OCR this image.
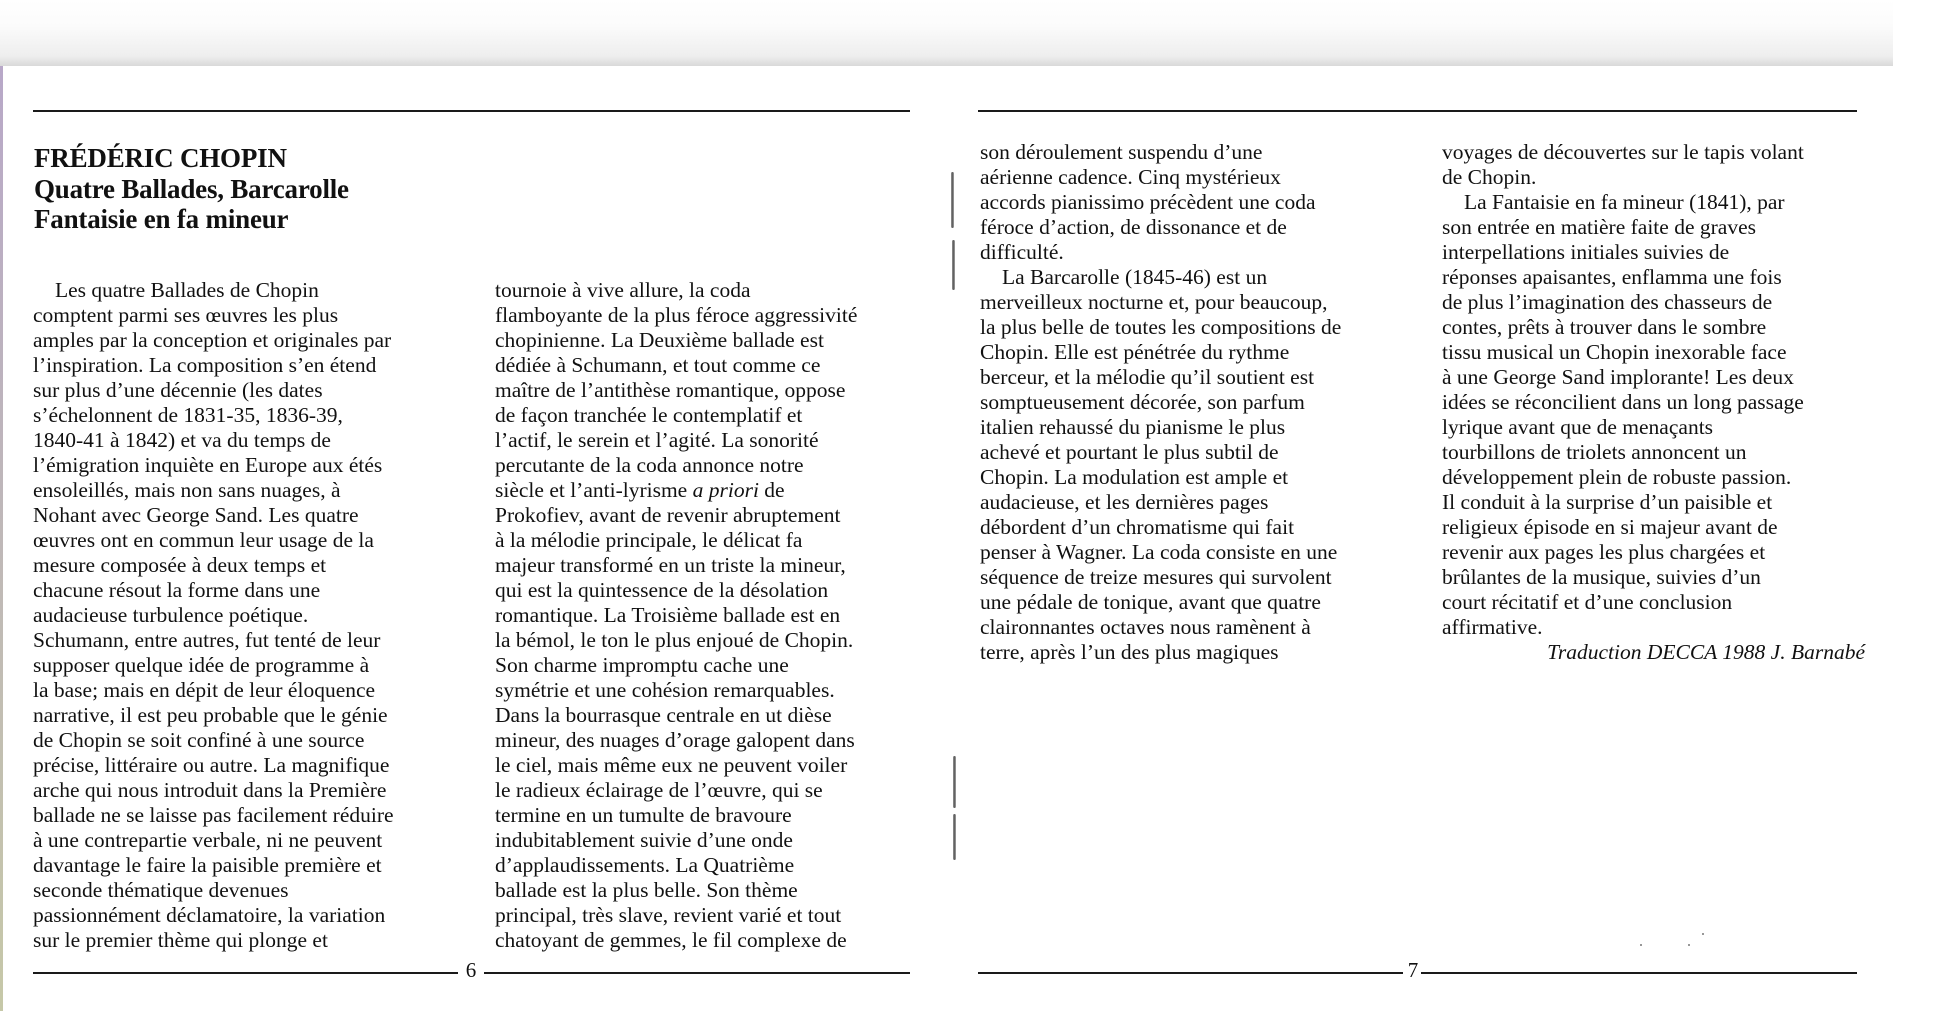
FRÉDÉRIC CHOPIN
Quatre Ballades, Barcarolle
Fantaisie en fa mineur
Les quatre Ballades de Chopin
comptent parmi ses œuvres les plus
amples par la conception et originales par
l’inspiration. La composition s’en étend
sur plus d’une décennie (les dates
s’échelonnent de 1831-35, 1836-39,
1840-41 à 1842) et va du temps de
l’émigration inquiète en Europe aux étés
ensoleillés, mais non sans nuages, à
Nohant avec George Sand. Les quatre
œuvres ont en commun leur usage de la
mesure composée à deux temps et
chacune résout la forme dans une
audacieuse turbulence poétique.
Schumann, entre autres, fut tenté de leur
supposer quelque idée de programme à
la base; mais en dépit de leur éloquence
narrative, il est peu probable que le génie
de Chopin se soit confiné à une source
précise, littéraire ou autre. La magnifique
arche qui nous introduit dans la Première
ballade ne se laisse pas facilement réduire
à une contrepartie verbale, ni ne peuvent
davantage le faire la paisible première et
seconde thématique devenues
passionnément déclamatoire, la variation
sur le premier thème qui plonge et
tournoie à vive allure, la coda
flamboyante de la plus féroce aggressivité
chopinienne. La Deuxième ballade est
dédiée à Schumann, et tout comme ce
maître de l’antithèse romantique, oppose
de façon tranchée le contemplatif et
l’actif, le serein et l’agité. La sonorité
percutante de la coda annonce notre
siècle et l’anti-lyrisme a priori de
Prokofiev, avant de revenir abruptement
à la mélodie principale, le délicat fa
majeur transformé en un triste la mineur,
qui est la quintessence de la désolation
romantique. La Troisième ballade est en
la bémol, le ton le plus enjoué de Chopin.
Son charme impromptu cache une
symétrie et une cohésion remarquables.
Dans la bourrasque centrale en ut dièse
mineur, des nuages d’orage galopent dans
le ciel, mais même eux ne peuvent voiler
le radieux éclairage de l’œuvre, qui se
termine en un tumulte de bravoure
indubitablement suivie d’une onde
d’applaudissements. La Quatrième
ballade est la plus belle. Son thème
principal, très slave, revient varié et tout
chatoyant de gemmes, le fil complexe de
son déroulement suspendu d’une
aérienne cadence. Cinq mystérieux
accords pianissimo précèdent une coda
féroce d’action, de dissonance et de
difficulté.
La Barcarolle (1845-46) est un
merveilleux nocturne et, pour beaucoup,
la plus belle de toutes les compositions de
Chopin. Elle est pénétrée du rythme
berceur, et la mélodie qu’il soutient est
somptueusement décorée, son parfum
italien rehaussé du pianisme le plus
achevé et pourtant le plus subtil de
Chopin. La modulation est ample et
audacieuse, et les dernières pages
débordent d’un chromatisme qui fait
penser à Wagner. La coda consiste en une
séquence de treize mesures qui survolent
une pédale de tonique, avant que quatre
claironnantes octaves nous ramènent à
terre, après l’un des plus magiques
voyages de découvertes sur le tapis volant
de Chopin.
La Fantaisie en fa mineur (1841), par
son entrée en matière faite de graves
interpellations initiales suivies de
réponses apaisantes, enflamma une fois
de plus l’imagination des chasseurs de
contes, prêts à trouver dans le sombre
tissu musical un Chopin inexorable face
à une George Sand implorante! Les deux
idées se réconcilient dans un long passage
lyrique avant que de menaçants
tourbillons de triolets annoncent un
développement plein de robuste passion.
Il conduit à la surprise d’un paisible et
religieux épisode en si majeur avant de
revenir aux pages les plus chargées et
brûlantes de la musique, suivies d’un
court récitatif et d’une conclusion
affirmative.
Traduction DECCA 1988 J. Barnabé
6	7
